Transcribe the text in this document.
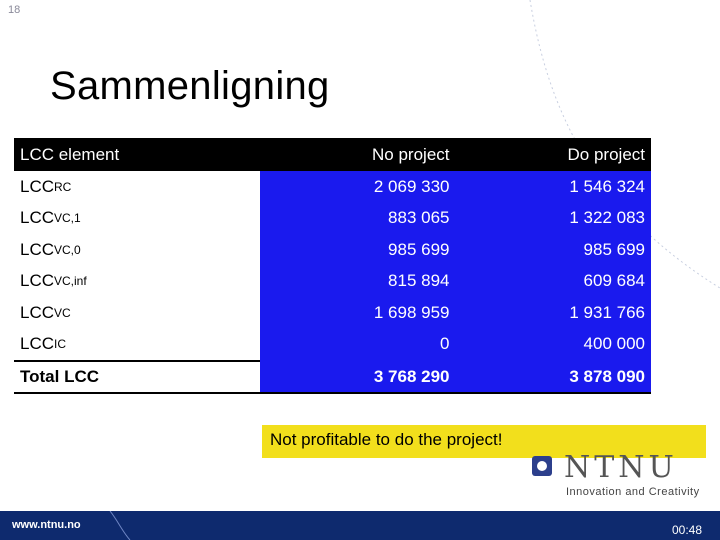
18
Sammenligning
LCC element	No project	Do project
LCC RC	2 069 330	1 546 324
LCC VC,1	883 065	1 322 083
LCC VC,0	985 699	985 699
LCC VC,inf	815 894	609 684
LCC VC	1 698 959	1 931 766
LCC IC	0	400 000
Total LCC	3 768 290	3 878 090
Not profitable to do the project!
NTNU
Innovation and Creativity
www.ntnu.no	00:48
